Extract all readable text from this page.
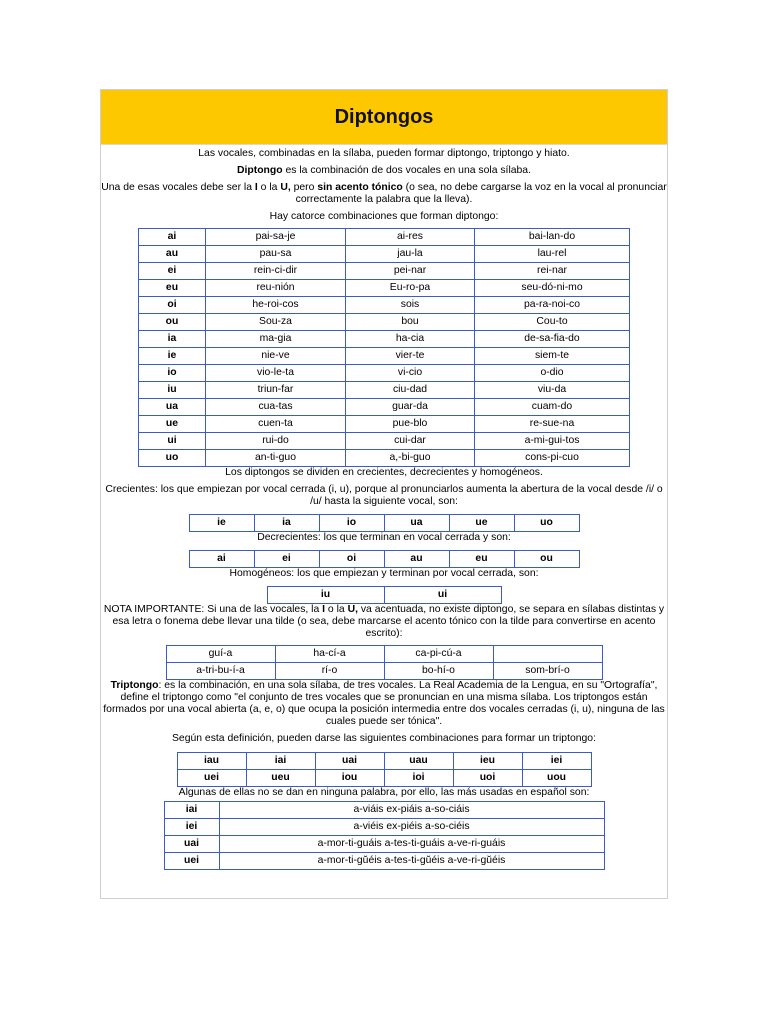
Diptongos

Las vocales, combinadas en la sílaba, pueden formar diptongo, triptongo y hiato.

Diptongo es la combinación de dos vocales en una sola sílaba.

Una de esas vocales debe ser la I o la U, pero sin acento tónico (o sea, no debe cargarse la voz en la vocal al pronunciar correctamente la palabra que la lleva).

Hay catorce combinaciones que forman diptongo:

ai	pai-sa-je	ai-res	bai-lan-do
au	pau-sa	jau-la	lau-rel
ei	rein-ci-dir	pei-nar	rei-nar
eu	reu-nión	Eu-ro-pa	seu-dó-ni-mo
oi	he-roi-cos	sois	pa-ra-noi-co
ou	Sou-za	bou	Cou-to
ia	ma-gia	ha-cia	de-sa-fia-do
ie	nie-ve	vier-te	siem-te
io	vio-le-ta	vi-cio	o-dio
iu	triun-far	ciu-dad	viu-da
ua	cua-tas	guar-da	cuam-do
ue	cuen-ta	pue-blo	re-sue-na
ui	rui-do	cui-dar	a-mi-gui-tos
uo	an-ti-guo	a,-bi-guo	cons-pi-cuo

Los diptongos se dividen en crecientes, decrecientes y homogéneos.

Crecientes: los que empiezan por vocal cerrada (i, u), porque al pronunciarlos aumenta la abertura de la vocal desde /i/ o /u/ hasta la siguiente vocal, son:

ie	ia	io	ua	ue	uo

Decrecientes: los que terminan en vocal cerrada y son:

ai	ei	oi	au	eu	ou

Homogéneos: los que empiezan y terminan por vocal cerrada, son:

iu	ui

NOTA IMPORTANTE: Si una de las vocales, la I o la U, va acentuada, no existe diptongo, se separa en sílabas distintas y esa letra o fonema debe llevar una tilde (o sea, debe marcarse el acento tónico con la tilde para convertirse en acento escrito):

guí-a	ha-cí-a	ca-pi-cú-a	
a-tri-bu-í-a	rí-o	bo-hí-o	som-brí-o

Triptongo: es la combinación, en una sola sílaba, de tres vocales. La Real Academia de la Lengua, en su "Ortografía", define el triptongo como "el conjunto de tres vocales que se pronuncian en una misma sílaba. Los triptongos están formados por una vocal abierta (a, e, o) que ocupa la posición intermedia entre dos vocales cerradas (i, u), ninguna de las cuales puede ser tónica".

Según esta definición, pueden darse las siguientes combinaciones para formar un triptongo:

iau	iai	uai	uau	ieu	iei
uei	ueu	iou	ioi	uoi	uou

Algunas de ellas no se dan en ninguna palabra, por ello, las más usadas en español son:

iai	a-viáis ex-piáis a-so-ciáis
iei	a-viéis ex-piéis a-so-ciéis
uai	a-mor-ti-guáis a-tes-ti-guáis a-ve-ri-guáis
uei	a-mor-ti-gŭéis a-tes-ti-gŭéis a-ve-ri-gŭéis
